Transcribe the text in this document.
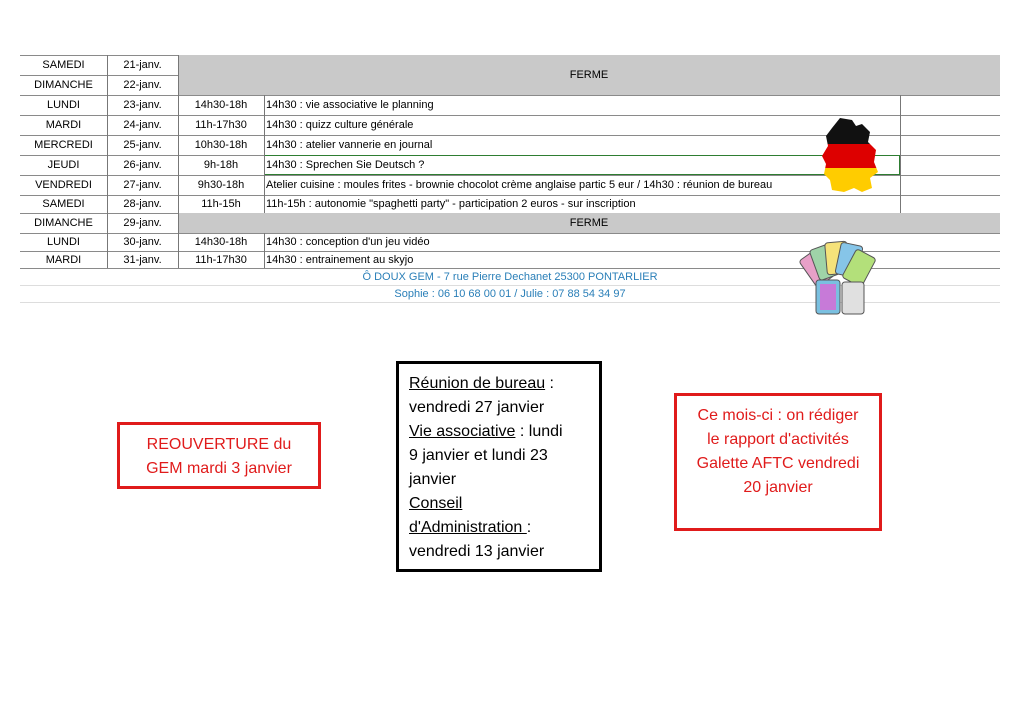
SAMEDI	21-janv.
DIMANCHE	22-janv.
FERME
LUNDI	23-janv.	14h30-18h	14h30 : vie associative le planning
MARDI	24-janv.	11h-17h30	14h30 : quizz culture générale
MERCREDI	25-janv.	10h30-18h	14h30 : atelier vannerie en journal
JEUDI	26-janv.	9h-18h	14h30 : Sprechen Sie Deutsch ?
VENDREDI	27-janv.	9h30-18h	Atelier cuisine : moules frites - brownie chocolot crème anglaise partic 5 eur / 14h30 : réunion de bureau
SAMEDI	28-janv.	11h-15h	11h-15h : autonomie "spaghetti party" - participation 2 euros - sur inscription
DIMANCHE	29-janv.	FERME
LUNDI	30-janv.	14h30-18h	14h30 : conception d'un jeu vidéo
MARDI	31-janv.	11h-17h30	14h30 : entrainement au skyjo
Ô DOUX GEM - 7 rue Pierre Dechanet 25300 PONTARLIER
Sophie : 06 10 68 00 01 / Julie : 07 88 54 34 97
REOUVERTURE du
GEM mardi 3 janvier
Réunion de bureau :
vendredi 27 janvier
Vie associative : lundi
9 janvier et lundi 23
janvier
Conseil
d'Administration :
vendredi 13 janvier
Ce mois-ci : on rédiger
le rapport d'activités
Galette AFTC vendredi
20 janvier
